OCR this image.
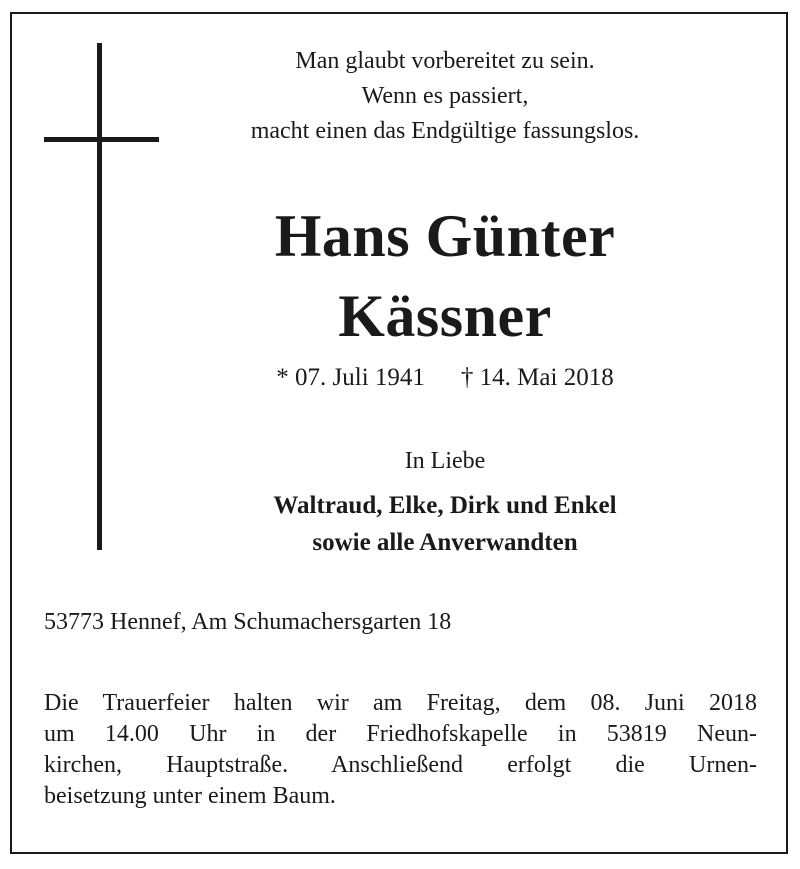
Man glaubt vorbereitet zu sein.
Wenn es passiert,
macht einen das Endgültige fassungslos.
Hans Günter
Kässner
* 07. Juli 1941 † 14. Mai 2018
In Liebe
Waltraud, Elke, Dirk und Enkel
sowie alle Anverwandten
53773 Hennef, Am Schumachersgarten 18
Die Trauerfeier halten wir am Freitag, dem 08. Juni 2018
um 14.00 Uhr in der Friedhofskapelle in 53819 Neun-
kirchen, Hauptstraße. Anschließend erfolgt die Urnen-
beisetzung unter einem Baum.
